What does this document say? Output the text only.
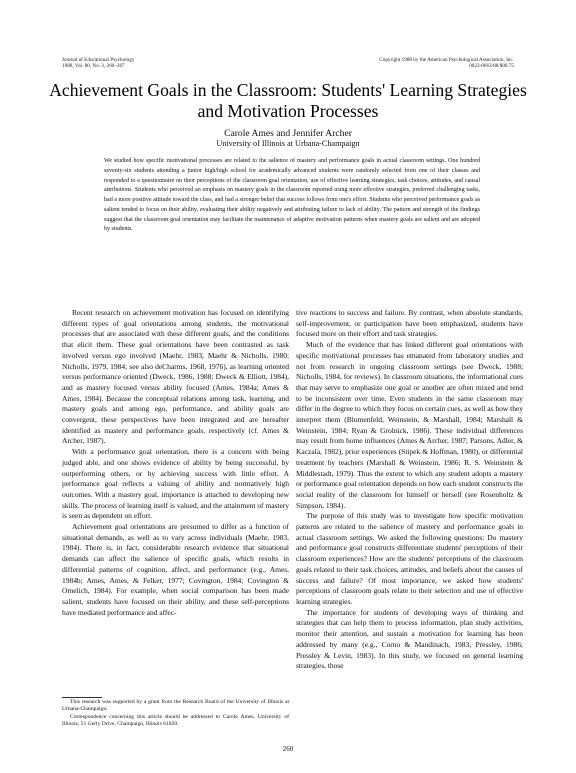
Journal of Educational Psychology
1988, Vol. 80, No. 3, 260–267
Copyright 1988 by the American Psychological Association, Inc.
0022-0663/88/$00.75
Achievement Goals in the Classroom: Students' Learning Strategies and Motivation Processes
Carole Ames and Jennifer Archer
University of Illinois at Urbana-Champaign

We studied how specific motivational processes are related to the salience of mastery and performance goals in actual classroom settings. One hundred seventy-six students attending a junior high/high school for academically advanced students were randomly selected from one of their classes and responded to a questionnaire on their perceptions of the classroom goal orientation, use of effective learning strategies, task choices, attitudes, and causal attributions. Students who perceived an emphasis on mastery goals in the classroom reported using more effective strategies, preferred challenging tasks, had a more positive attitude toward the class, and had a stronger belief that success follows from one's effort. Students who perceived performance goals as salient tended to focus on their ability, evaluating their ability negatively and attributing failure to lack of ability. The pattern and strength of the findings suggest that the classroom goal orientation may facilitate the maintenance of adaptive motivation patterns when mastery goals are salient and are adopted by students.

Recent research on achievement motivation has focused on identifying different types of goal orientations among students, the motivational processes that are associated with these different goals, and the conditions that elicit them. These goal orientations have been contrasted as task involved versus ego involved (Maehr, 1983; Maehr & Nicholls, 1980; Nicholls, 1979, 1984; see also deCharms, 1968, 1976), as learning oriented versus performance oriented (Dweck, 1986, 1988; Dweck & Elliott, 1984), and as mastery focused versus ability focused (Ames, 1984a; Ames & Ames, 1984). Because the conceptual relations among task, learning, and mastery goals and among ego, performance, and ability goals are convergent, these perspectives have been integrated and are hereafter identified as mastery and performance goals, respectively (cf. Ames & Archer, 1987).

With a performance goal orientation, there is a concern with being judged able, and one shows evidence of ability by being successful, by outperforming others, or by achieving success with little effort. A performance goal reflects a valuing of ability and normatively high outcomes. With a mastery goal, importance is attached to developing new skills. The process of learning itself is valued, and the attainment of mastery is seen as dependent on effort.

Achievement goal orientations are presumed to differ as a function of situational demands, as well as to vary across individuals (Maehr, 1983, 1984). There is, in fact, considerable research evidence that situational demands can affect the salience of specific goals, which results in differential patterns of cognition, affect, and performance (e.g., Ames, 1984b; Ames, Ames, & Felker, 1977; Covington, 1984; Covington & Omelich, 1984). For example, when social comparison has been made salient, students have focused on their ability, and these self-perceptions have mediated performance and affec-

This research was supported by a grant from the Research Board of the University of Illinois at Urbana-Champaign.

Correspondence concerning this article should be addressed to Carole Ames, University of Illinois, 51 Gerty Drive, Champaign, Illinois 61820.

tive reactions to success and failure. By contrast, when absolute standards, self-improvement, or participation have been emphasized, students have focused more on their effort and task strategies.

Much of the evidence that has linked different goal orientations with specific motivational processes has emanated from laboratory studies and not from research in ongoing classroom settings (see Dweck, 1988; Nicholls, 1984, for reviews). In classroom situations, the informational cues that may serve to emphasize one goal or another are often mixed and tend to be inconsistent over time. Even students in the same classroom may differ in the degree to which they focus on certain cues, as well as how they interpret them (Blumenfeld, Weinstein, & Marshall, 1984; Marshall & Weinstein, 1984; Ryan & Grolnick, 1986). These individual differences may result from home influences (Ames & Archer, 1987; Parsons, Adler, & Kaczala, 1982), prior experiences (Stipek & Hoffman, 1980), or differential treatment by teachers (Marshall & Weinstein, 1986; R. S. Weinstein & Middlestadt, 1979). Thus the extent to which any student adopts a mastery or performance goal orientation depends on how each student constructs the social reality of the classroom for himself or herself (see Rosenholtz & Simpson, 1984).

The purpose of this study was to investigate how specific motivation patterns are related to the salience of mastery and performance goals in actual classroom settings. We asked the following questions: Do mastery and performance goal constructs differentiate students' perceptions of their classroom experiences? How are the students' perceptions of the classroom goals related to their task choices, attitudes, and beliefs about the causes of success and failure? Of most importance, we asked how students' perceptions of classroom goals relate to their selection and use of effective learning strategies.

The importance for students of developing ways of thinking and strategies that can help them to process information, plan study activities, monitor their attention, and sustain a motivation for learning has been addressed by many (e.g., Corno & Mandinach, 1983; Pressley, 1986; Pressley & Levin, 1983). In this study, we focused on general learning strategies, those

260
